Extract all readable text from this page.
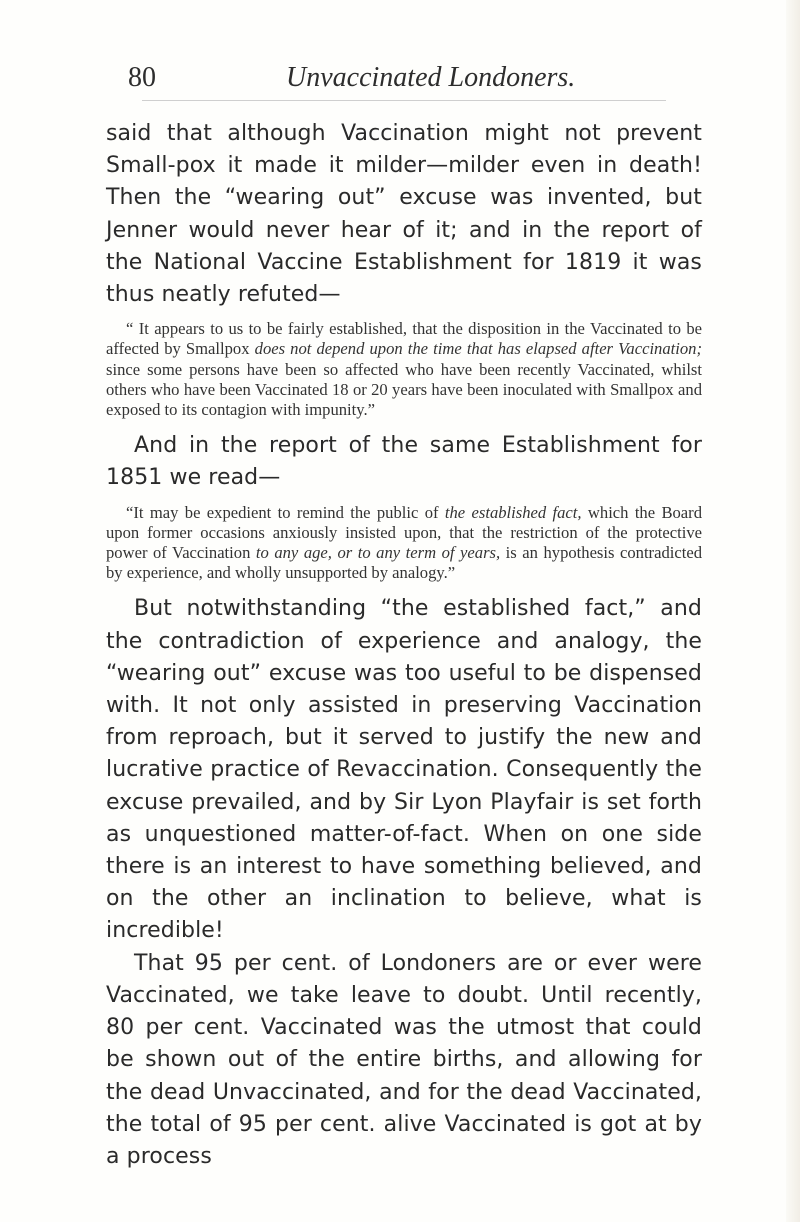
80	Unvaccinated Londoners.

said that although Vaccination might not prevent Small-pox it made it milder—milder even in death! Then the “wearing out” excuse was invented, but Jenner would never hear of it; and in the report of the National Vaccine Establishment for 1819 it was thus neatly refuted—

“ It appears to us to be fairly established, that the disposition in the Vaccinated to be affected by Smallpox does not depend upon the time that has elapsed after Vaccination; since some persons have been so affected who have been recently Vaccinated, whilst others who have been Vaccinated 18 or 20 years have been inoculated with Smallpox and exposed to its contagion with impunity.”

And in the report of the same Establishment for 1851 we read—

“It may be expedient to remind the public of the established fact, which the Board upon former occasions anxiously insisted upon, that the restriction of the protective power of Vaccination to any age, or to any term of years, is an hypothesis contradicted by experience, and wholly unsupported by analogy.”

But notwithstanding “the established fact,” and the contradiction of experience and analogy, the “wearing out” excuse was too useful to be dispensed with. It not only assisted in preserving Vaccination from reproach, but it served to justify the new and lucrative practice of Revaccination. Consequently the excuse prevailed, and by Sir Lyon Playfair is set forth as unquestioned matter-of-fact. When on one side there is an interest to have something believed, and on the other an inclination to believe, what is incredible!

That 95 per cent. of Londoners are or ever were Vaccinated, we take leave to doubt. Until recently, 80 per cent. Vaccinated was the utmost that could be shown out of the entire births, and allowing for the dead Unvaccinated, and for the dead Vaccinated, the total of 95 per cent. alive Vaccinated is got at by a process
